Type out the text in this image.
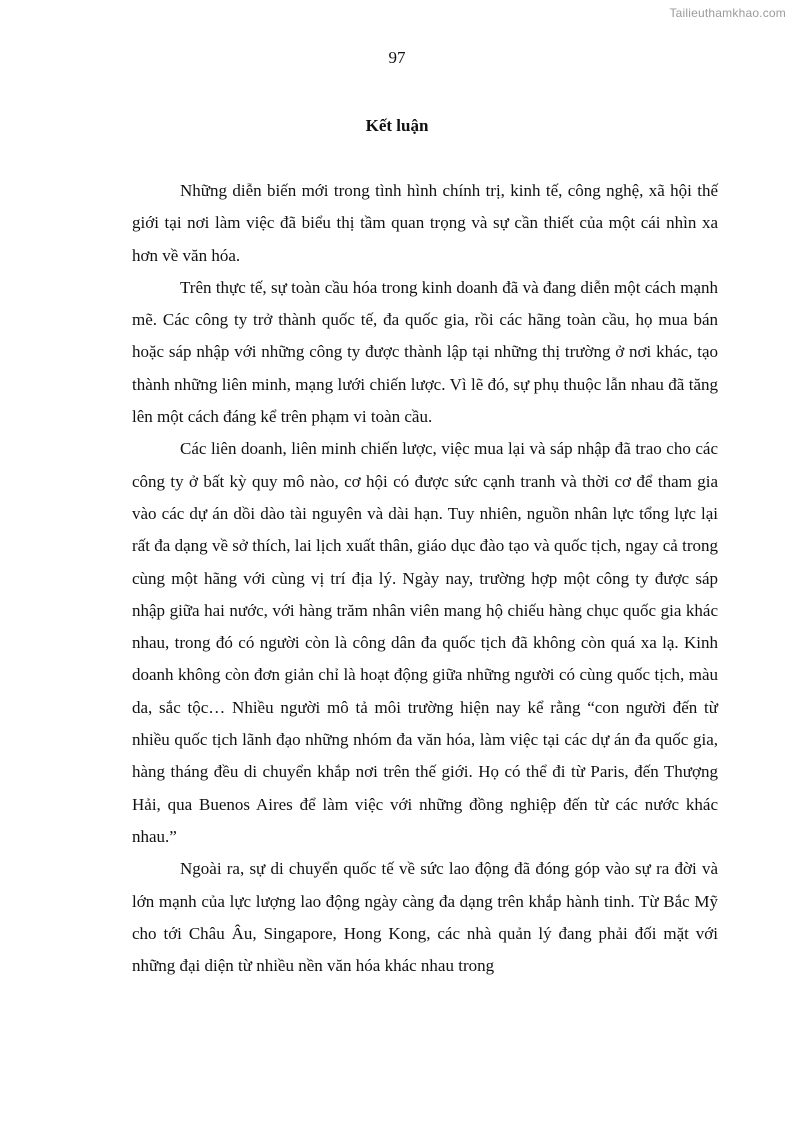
Tailieuthamkhao.com
97
Kết luận

Những diễn biến mới trong tình hình chính trị, kinh tế, công nghệ, xã hội thế giới tại nơi làm việc đã biểu thị tầm quan trọng và sự cần thiết của một cái nhìn xa hơn về văn hóa.

Trên thực tế, sự toàn cầu hóa trong kinh doanh đã và đang diễn một cách mạnh mẽ. Các công ty trở thành quốc tế, đa quốc gia, rồi các hãng toàn cầu, họ mua bán hoặc sáp nhập với những công ty được thành lập tại những thị trường ở nơi khác, tạo thành những liên minh, mạng lưới chiến lược. Vì lẽ đó, sự phụ thuộc lẫn nhau đã tăng lên một cách đáng kể trên phạm vi toàn cầu.

Các liên doanh, liên minh chiến lược, việc mua lại và sáp nhập đã trao cho các công ty ở bất kỳ quy mô nào, cơ hội có được sức cạnh tranh và thời cơ để tham gia vào các dự án dồi dào tài nguyên và dài hạn. Tuy nhiên, nguồn nhân lực tổng lực lại rất đa dạng về sở thích, lai lịch xuất thân, giáo dục đào tạo và quốc tịch, ngay cả trong cùng một hãng với cùng vị trí địa lý. Ngày nay, trường hợp một công ty được sáp nhập giữa hai nước, với hàng trăm nhân viên mang hộ chiếu hàng chục quốc gia khác nhau, trong đó có người còn là công dân đa quốc tịch đã không còn quá xa lạ. Kinh doanh không còn đơn giản chỉ là hoạt động giữa những người có cùng quốc tịch, màu da, sắc tộc… Nhiều người mô tả môi trường hiện nay kể rằng “con người đến từ nhiều quốc tịch lãnh đạo những nhóm đa văn hóa, làm việc tại các dự án đa quốc gia, hàng tháng đều di chuyển khắp nơi trên thế giới. Họ có thể đi từ Paris, đến Thượng Hải, qua Buenos Aires để làm việc với những đồng nghiệp đến từ các nước khác nhau.”

Ngoài ra, sự di chuyển quốc tế về sức lao động đã đóng góp vào sự ra đời và lớn mạnh của lực lượng lao động ngày càng đa dạng trên khắp hành tinh. Từ Bắc Mỹ cho tới Châu Âu, Singapore, Hong Kong, các nhà quản lý đang phải đối mặt với những đại diện từ nhiều nền văn hóa khác nhau trong
